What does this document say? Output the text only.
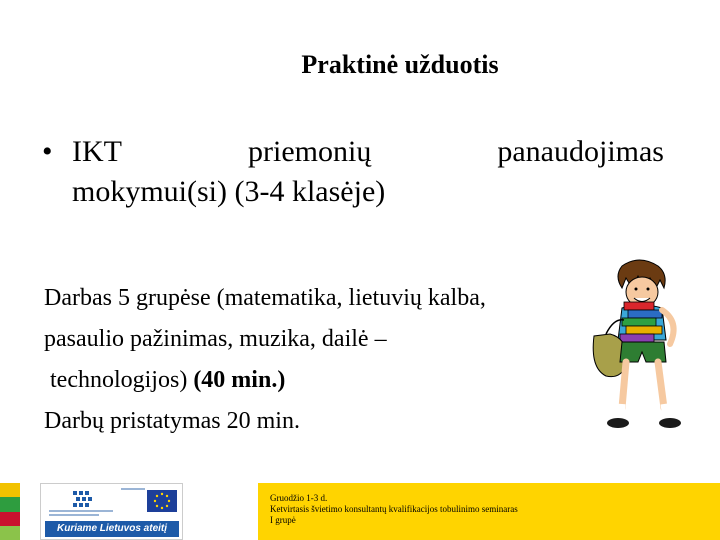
Praktinė užduotis
• IKT	priemonių	panaudojimas
mokymui(si) (3-4 klasėje)

Darbas 5 grupėse (matematika, lietuvių kalba,

pasaulio pažinimas, muzika, dailė –

technologijos) (40 min.)

Darbų pristatymas 20 min.

Kuriame Lietuvos ateitį
Gruodžio 1-3 d.
Ketvirtasis švietimo konsultantų kvalifikacijos tobulinimo seminaras
I grupė
